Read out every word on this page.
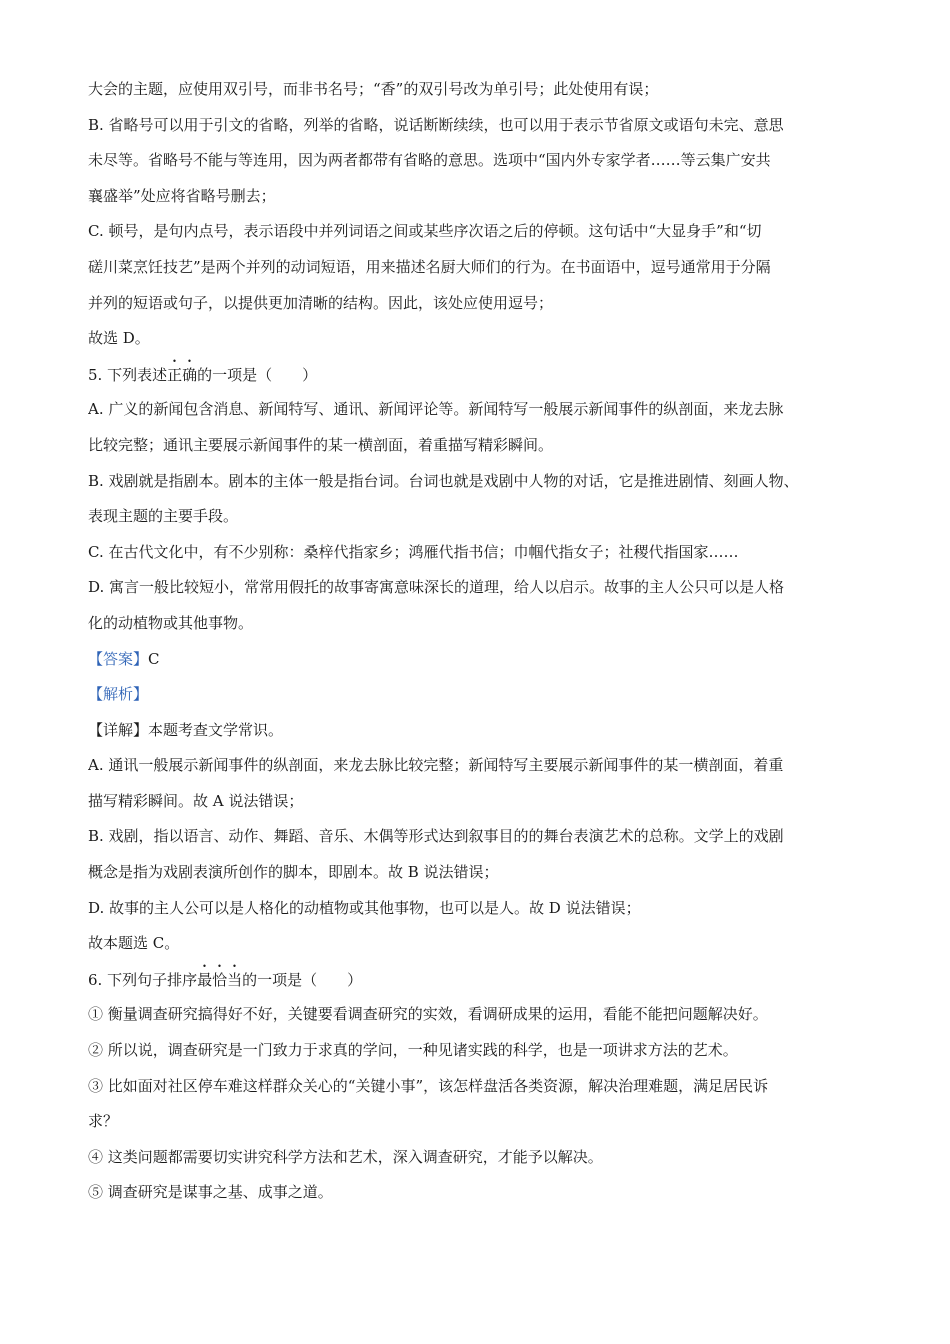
大会的主题，应使用双引号，而非书名号；“香”的双引号改为单引号；此处使用有误；
B. 省略号可以用于引文的省略，列举的省略，说话断断续续，也可以用于表示节省原文或语句未完、意思
未尽等。省略号不能与等连用，因为两者都带有省略的意思。选项中“国内外专家学者……等云集广安共
襄盛举”处应将省略号删去；
C. 顿号，是句内点号，表示语段中并列词语之间或某些序次语之后的停顿。这句话中“大显身手”和“切
磋川菜烹饪技艺”是两个并列的动词短语，用来描述名厨大师们的行为。在书面语中，逗号通常用于分隔
并列的短语或句子，以提供更加清晰的结构。因此，该处应使用逗号；
故选 D。
5. 下列表述正确的一项是（　　）
A. 广义的新闻包含消息、新闻特写、通讯、新闻评论等。新闻特写一般展示新闻事件的纵剖面，来龙去脉
比较完整；通讯主要展示新闻事件的某一横剖面，着重描写精彩瞬间。
B. 戏剧就是指剧本。剧本的主体一般是指台词。台词也就是戏剧中人物的对话，它是推进剧情、刻画人物、
表现主题的主要手段。
C. 在古代文化中，有不少别称：桑梓代指家乡；鸿雁代指书信；巾帼代指女子；社稷代指国家……
D. 寓言一般比较短小，常常用假托的故事寄寓意味深长的道理，给人以启示。故事的主人公只可以是人格
化的动植物或其他事物。
【答案】C
【解析】
【详解】本题考查文学常识。
A. 通讯一般展示新闻事件的纵剖面，来龙去脉比较完整；新闻特写主要展示新闻事件的某一横剖面，着重
描写精彩瞬间。故 A 说法错误；
B. 戏剧，指以语言、动作、舞蹈、音乐、木偶等形式达到叙事目的的舞台表演艺术的总称。文学上的戏剧
概念是指为戏剧表演所创作的脚本，即剧本。故 B 说法错误；
D. 故事的主人公可以是人格化的动植物或其他事物，也可以是人。故 D 说法错误；
故本题选 C。
6. 下列句子排序最恰当的一项是（　　）
① 衡量调查研究搞得好不好，关键要看调查研究的实效，看调研成果的运用，看能不能把问题解决好。
② 所以说，调查研究是一门致力于求真的学问，一种见诸实践的科学，也是一项讲求方法的艺术。
③ 比如面对社区停车难这样群众关心的“关键小事”，该怎样盘活各类资源，解决治理难题，满足居民诉
求？
④ 这类问题都需要切实讲究科学方法和艺术，深入调查研究，才能予以解决。
⑤ 调查研究是谋事之基、成事之道。
